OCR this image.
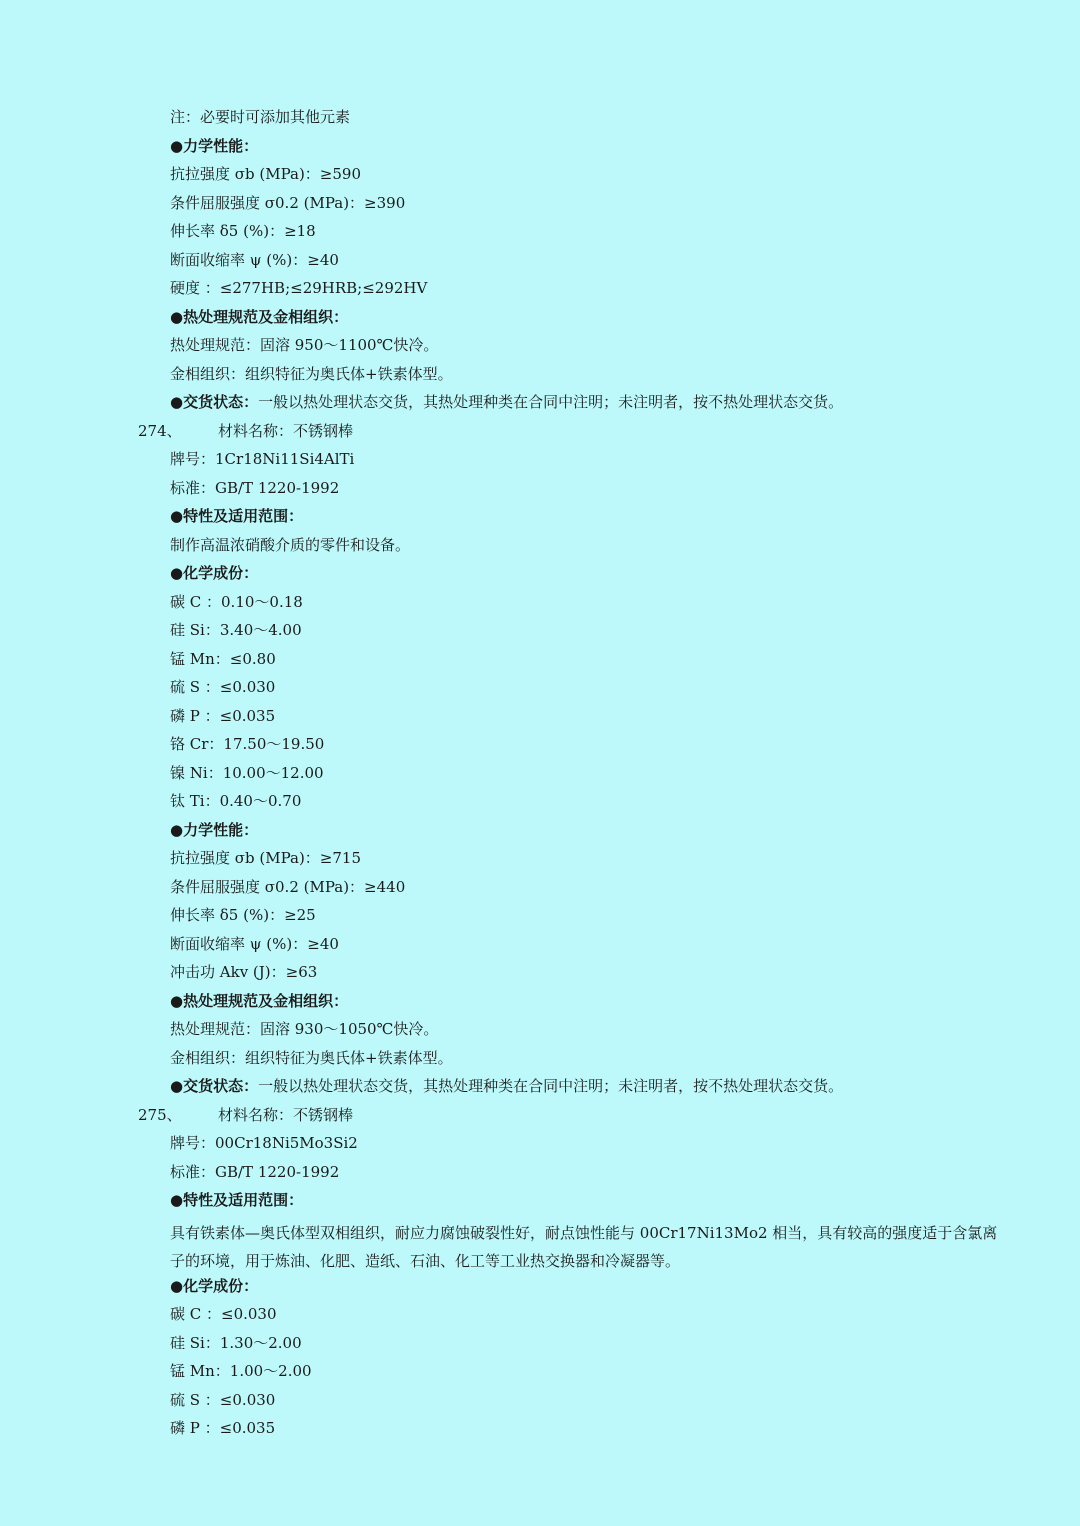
注：必要时可添加其他元素
●力学性能：
抗拉强度 σb (MPa)：≥590
条件屈服强度 σ0.2 (MPa)：≥390
伸长率 δ5 (%)：≥18
断面收缩率 ψ (%)：≥40
硬度 ：≤277HB;≤29HRB;≤292HV
●热处理规范及金相组织：
热处理规范：固溶 950～1100℃快冷。
金相组织：组织特征为奥氏体+铁素体型。
●交货状态：一般以热处理状态交货，其热处理种类在合同中注明；未注明者，按不热处理状态交货。
274、 材料名称：不锈钢棒
牌号：1Cr18Ni11Si4AlTi
标准：GB/T 1220-1992
●特性及适用范围：
制作高温浓硝酸介质的零件和设备。
●化学成份：
碳 C ：0.10～0.18
硅 Si：3.40～4.00
锰 Mn：≤0.80
硫 S ：≤0.030
磷 P ：≤0.035
铬 Cr：17.50～19.50
镍 Ni：10.00～12.00
钛 Ti：0.40～0.70
●力学性能：
抗拉强度 σb (MPa)：≥715
条件屈服强度 σ0.2 (MPa)：≥440
伸长率 δ5 (%)：≥25
断面收缩率 ψ (%)：≥40
冲击功 Akv (J)：≥63
●热处理规范及金相组织：
热处理规范：固溶 930～1050℃快冷。
金相组织：组织特征为奥氏体+铁素体型。
●交货状态：一般以热处理状态交货，其热处理种类在合同中注明；未注明者，按不热处理状态交货。
275、 材料名称：不锈钢棒
牌号：00Cr18Ni5Mo3Si2
标准：GB/T 1220-1992
●特性及适用范围：
具有铁素体—奥氏体型双相组织，耐应力腐蚀破裂性好，耐点蚀性能与 00Cr17Ni13Mo2 相当，具有较高的强度适于含氯离子的环境，用于炼油、化肥、造纸、石油、化工等工业热交换器和冷凝器等。
●化学成份：
碳 C ：≤0.030
硅 Si：1.30～2.00
锰 Mn：1.00～2.00
硫 S ：≤0.030
磷 P ：≤0.035
